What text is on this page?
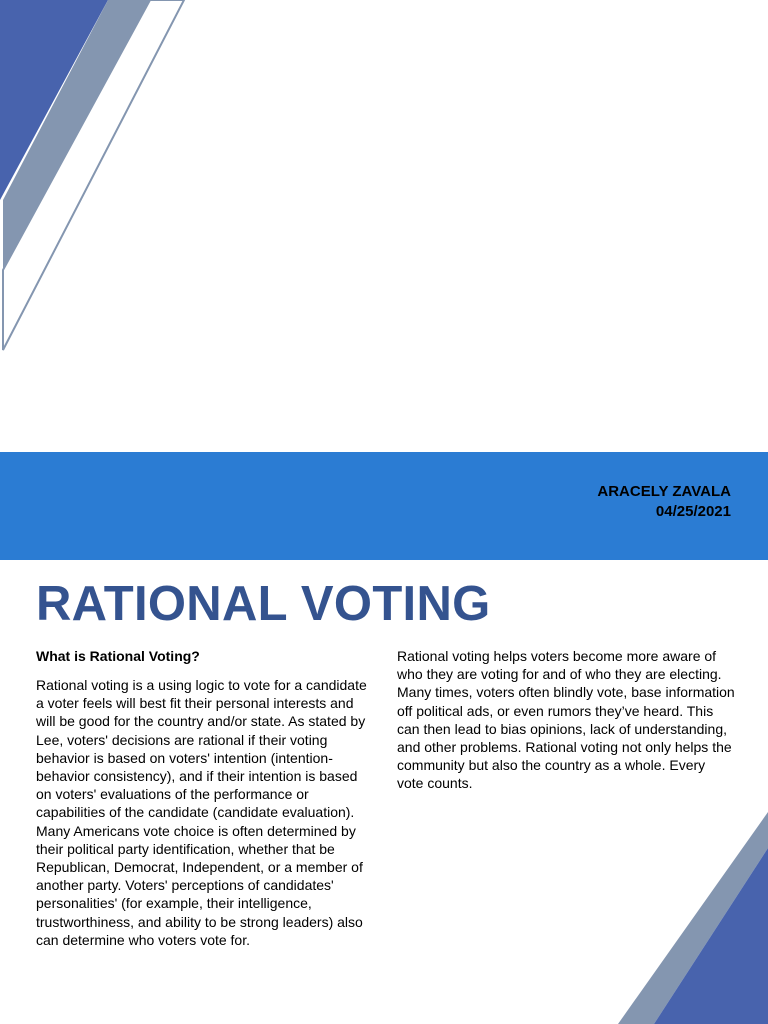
ARACELY ZAVALA
04/25/2021
RATIONAL VOTING

What is Rational Voting?

Rational voting is a using logic to vote for a candidate a voter feels will best fit their personal interests and will be good for the country and/or state. As stated by Lee, voters' decisions are rational if their voting behavior is based on voters' intention (intention-behavior consistency), and if their intention is based on voters' evaluations of the performance or capabilities of the candidate (candidate evaluation). Many Americans vote choice is often determined by their political party identification, whether that be Republican, Democrat, Independent, or a member of another party. Voters' perceptions of candidates' personalities' (for example, their intelligence, trustworthiness, and ability to be strong leaders) also can determine who voters vote for.

Rational voting helps voters become more aware of who they are voting for and of who they are electing. Many times, voters often blindly vote, base information off political ads, or even rumors they’ve heard. This can then lead to bias opinions, lack of understanding, and other problems. Rational voting not only helps the community but also the country as a whole. Every vote counts.
